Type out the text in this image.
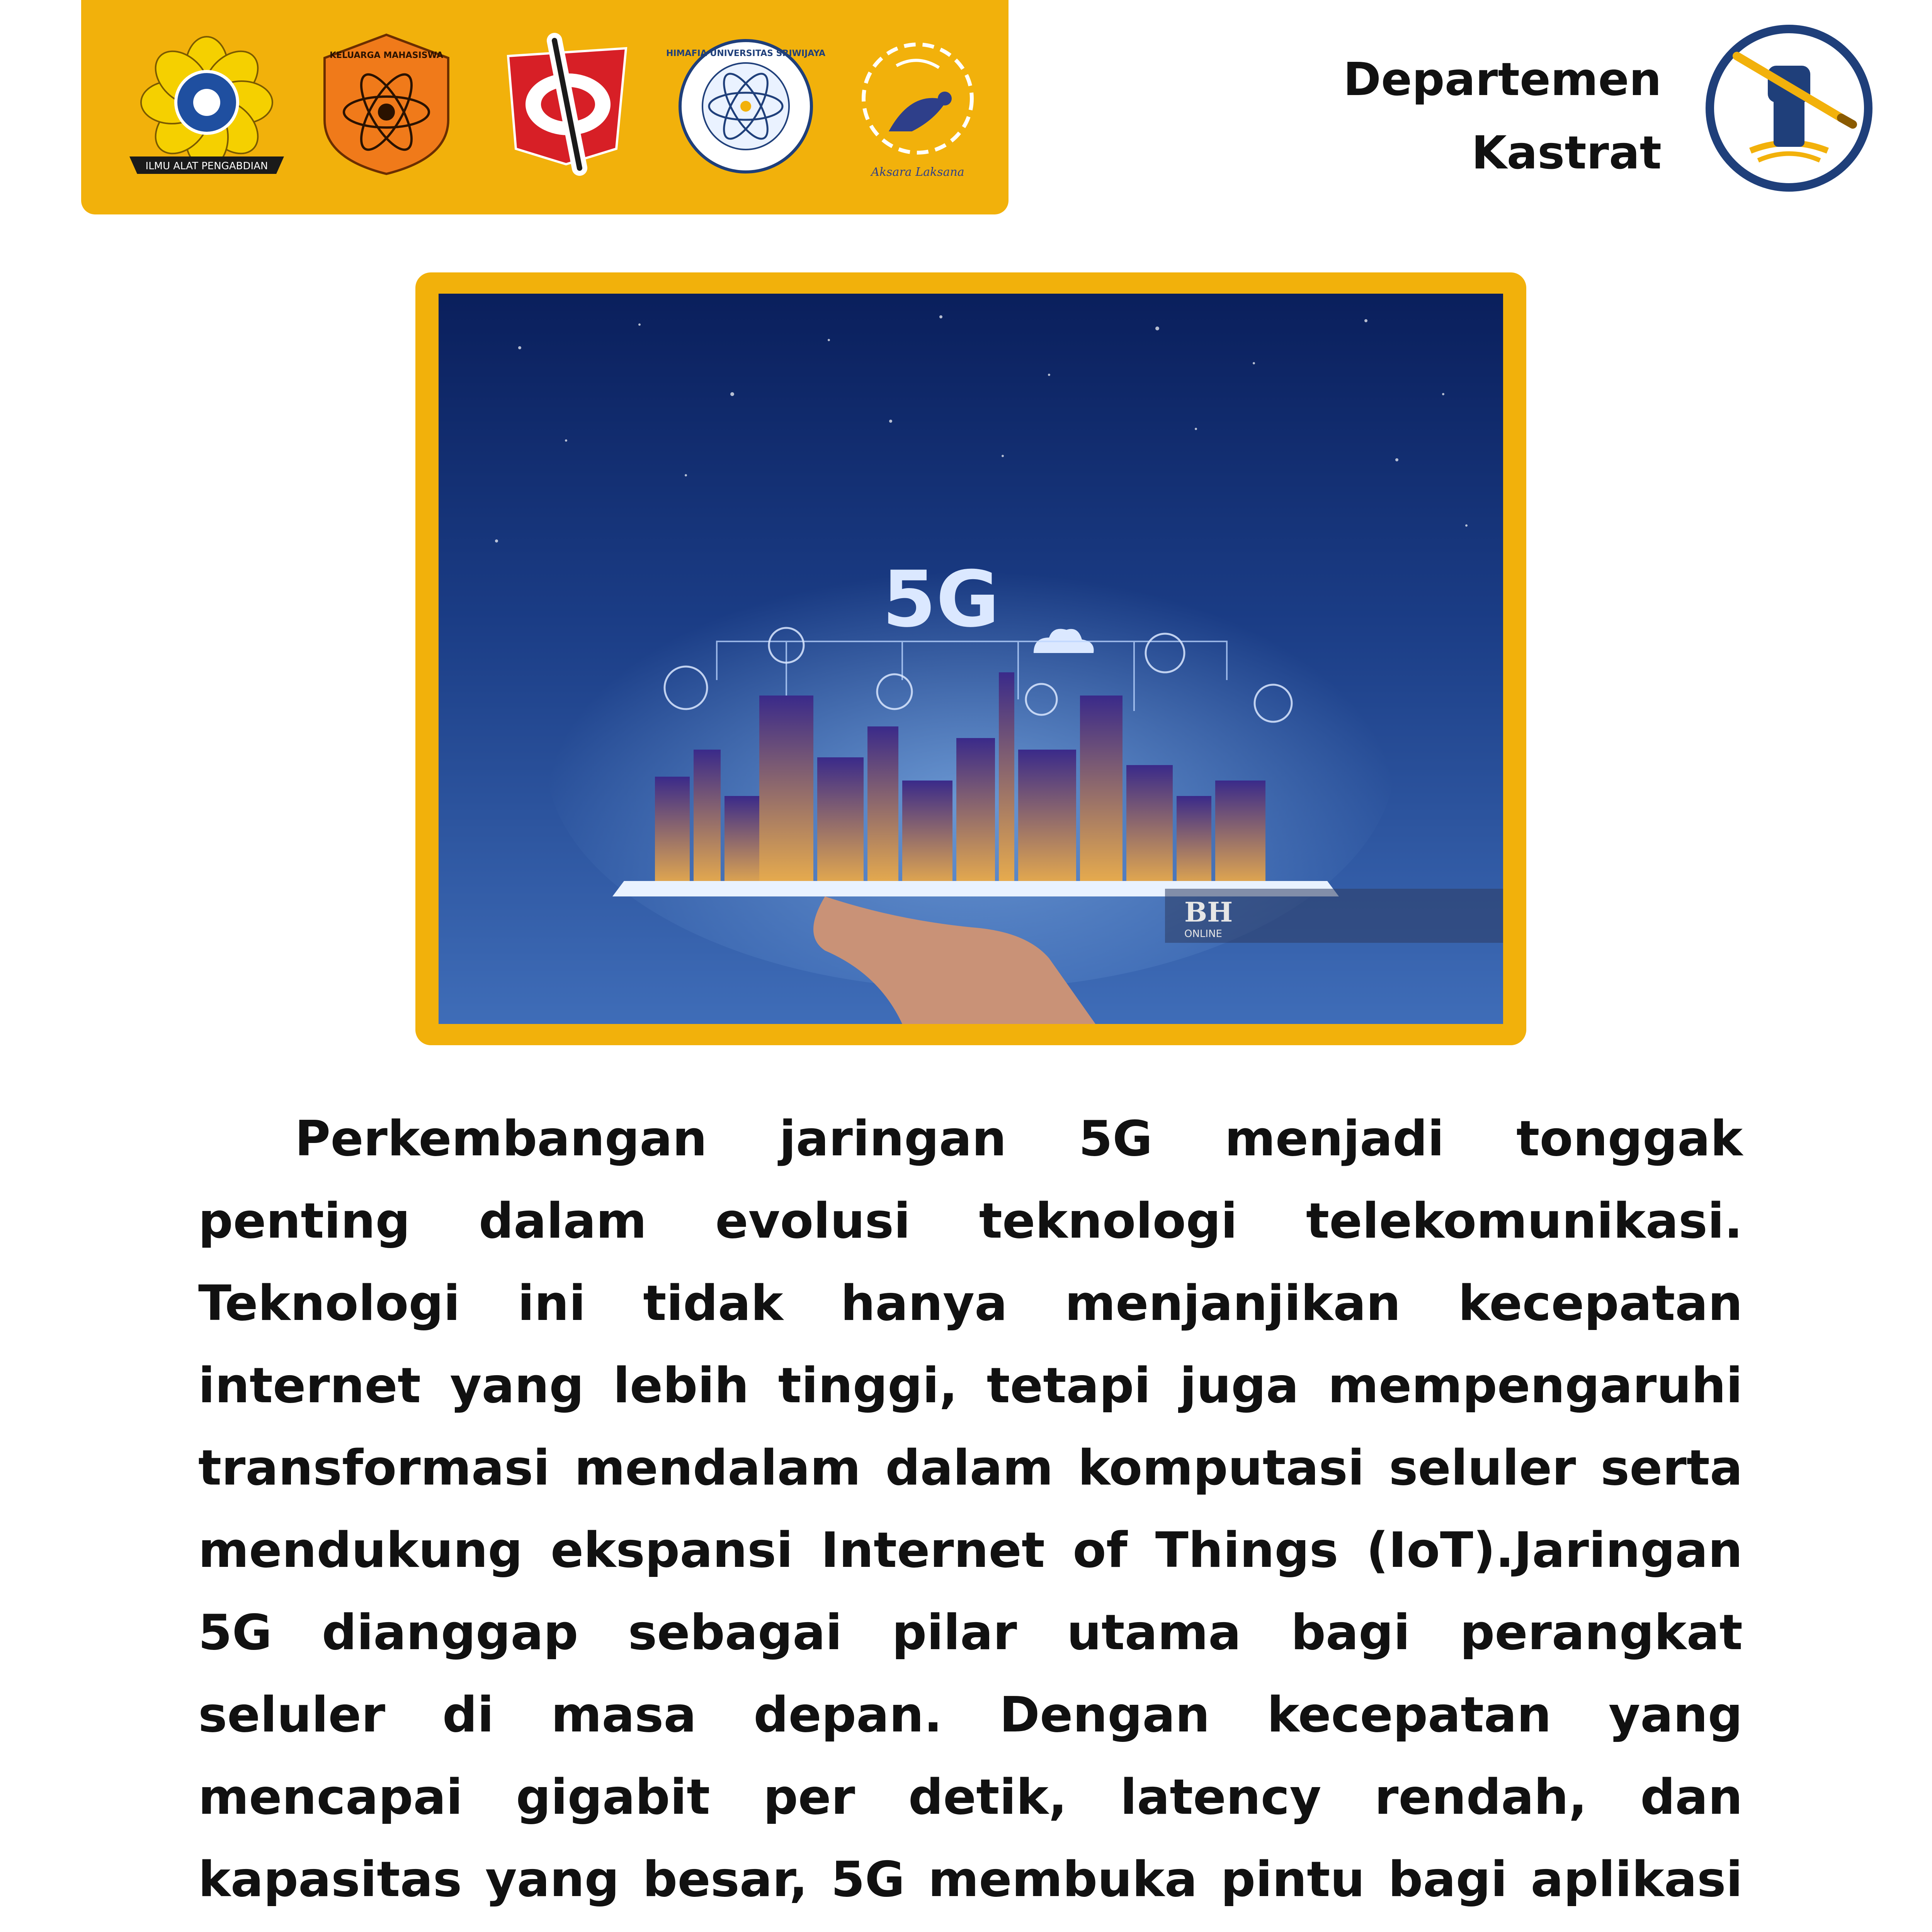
ILMU ALAT PENGABDIAN
KELUARGA MAHASISWA	HIMAFIA UNIVERSITAS SRIWIJAYA
Aksara Laksana
Departemen
Kastrat
5G
BH
ONLINE

Perkembangan jaringan 5G menjadi tonggak penting dalam evolusi teknologi telekomunikasi. Teknologi ini tidak hanya menjanjikan kecepatan internet yang lebih tinggi, tetapi juga mempengaruhi transformasi mendalam dalam komputasi seluler serta mendukung ekspansi Internet of Things (IoT).Jaringan 5G dianggap sebagai pilar utama bagi perangkat seluler di masa depan. Dengan kecepatan yang mencapai gigabit per detik, latency rendah, dan kapasitas yang besar, 5G membuka pintu bagi aplikasi
